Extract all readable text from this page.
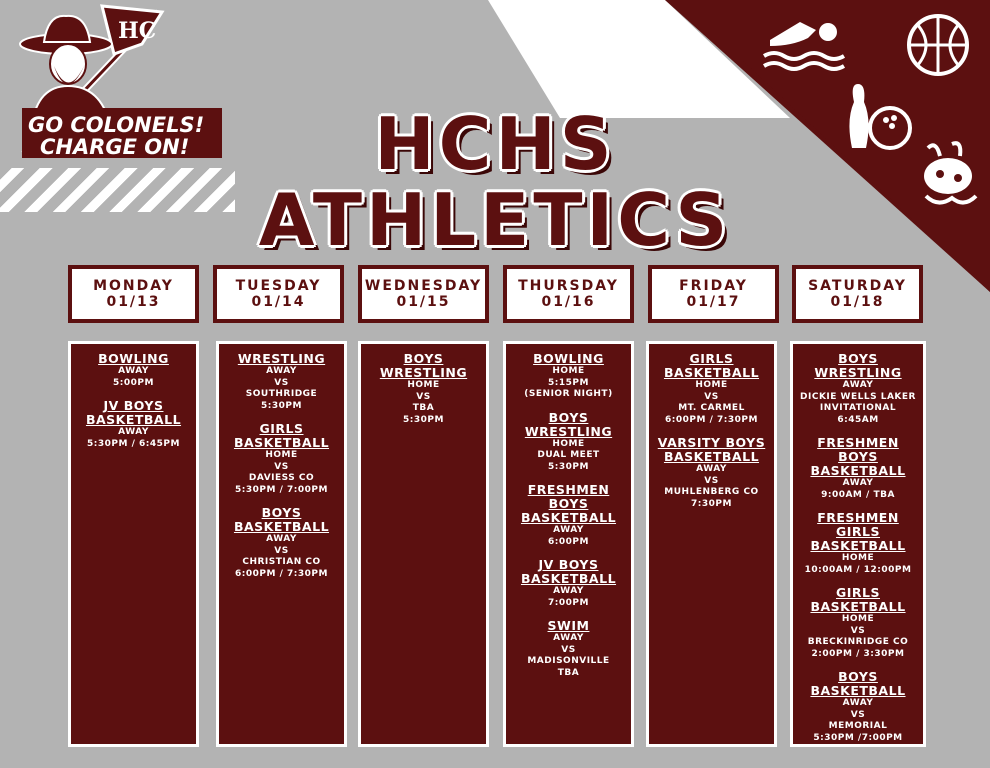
HC
GO COLONELS!
CHARGE ON!	HCHS
ATHLETICS
MONDAY
01/13
TUESDAY
01/14
WEDNESDAY
01/15
THURSDAY
01/16
FRIDAY
01/17
SATURDAY
01/18
BOWLING
AWAY
5:00PM
JV BOYS
BASKETBALL
AWAY
5:30PM / 6:45PM
WRESTLING
AWAY
VS
SOUTHRIDGE
5:30PM
GIRLS
BASKETBALL
HOME
VS
DAVIESS CO
5:30PM / 7:00PM
BOYS
BASKETBALL
AWAY
VS
CHRISTIAN CO
6:00PM / 7:30PM
BOYS
WRESTLING
HOME
VS
TBA
5:30PM
BOWLING
HOME
5:15PM
(SENIOR NIGHT)
BOYS
WRESTLING
HOME
DUAL MEET
5:30PM
FRESHMEN
BOYS
BASKETBALL
AWAY
6:00PM
JV BOYS
BASKETBALL
AWAY
7:00PM
SWIM
AWAY
VS
MADISONVILLE
TBA
GIRLS
BASKETBALL
HOME
VS
MT. CARMEL
6:00PM / 7:30PM
VARSITY BOYS
BASKETBALL
AWAY
VS
MUHLENBERG CO
7:30PM
BOYS
WRESTLING
AWAY
DICKIE WELLS LAKER
INVITATIONAL
6:45AM
FRESHMEN
BOYS
BASKETBALL
AWAY
9:00AM / TBA
FRESHMEN
GIRLS
BASKETBALL
HOME
10:00AM / 12:00PM
GIRLS
BASKETBALL
HOME
VS
BRECKINRIDGE CO
2:00PM / 3:30PM
BOYS
BASKETBALL
AWAY
VS
MEMORIAL
5:30PM /7:00PM
